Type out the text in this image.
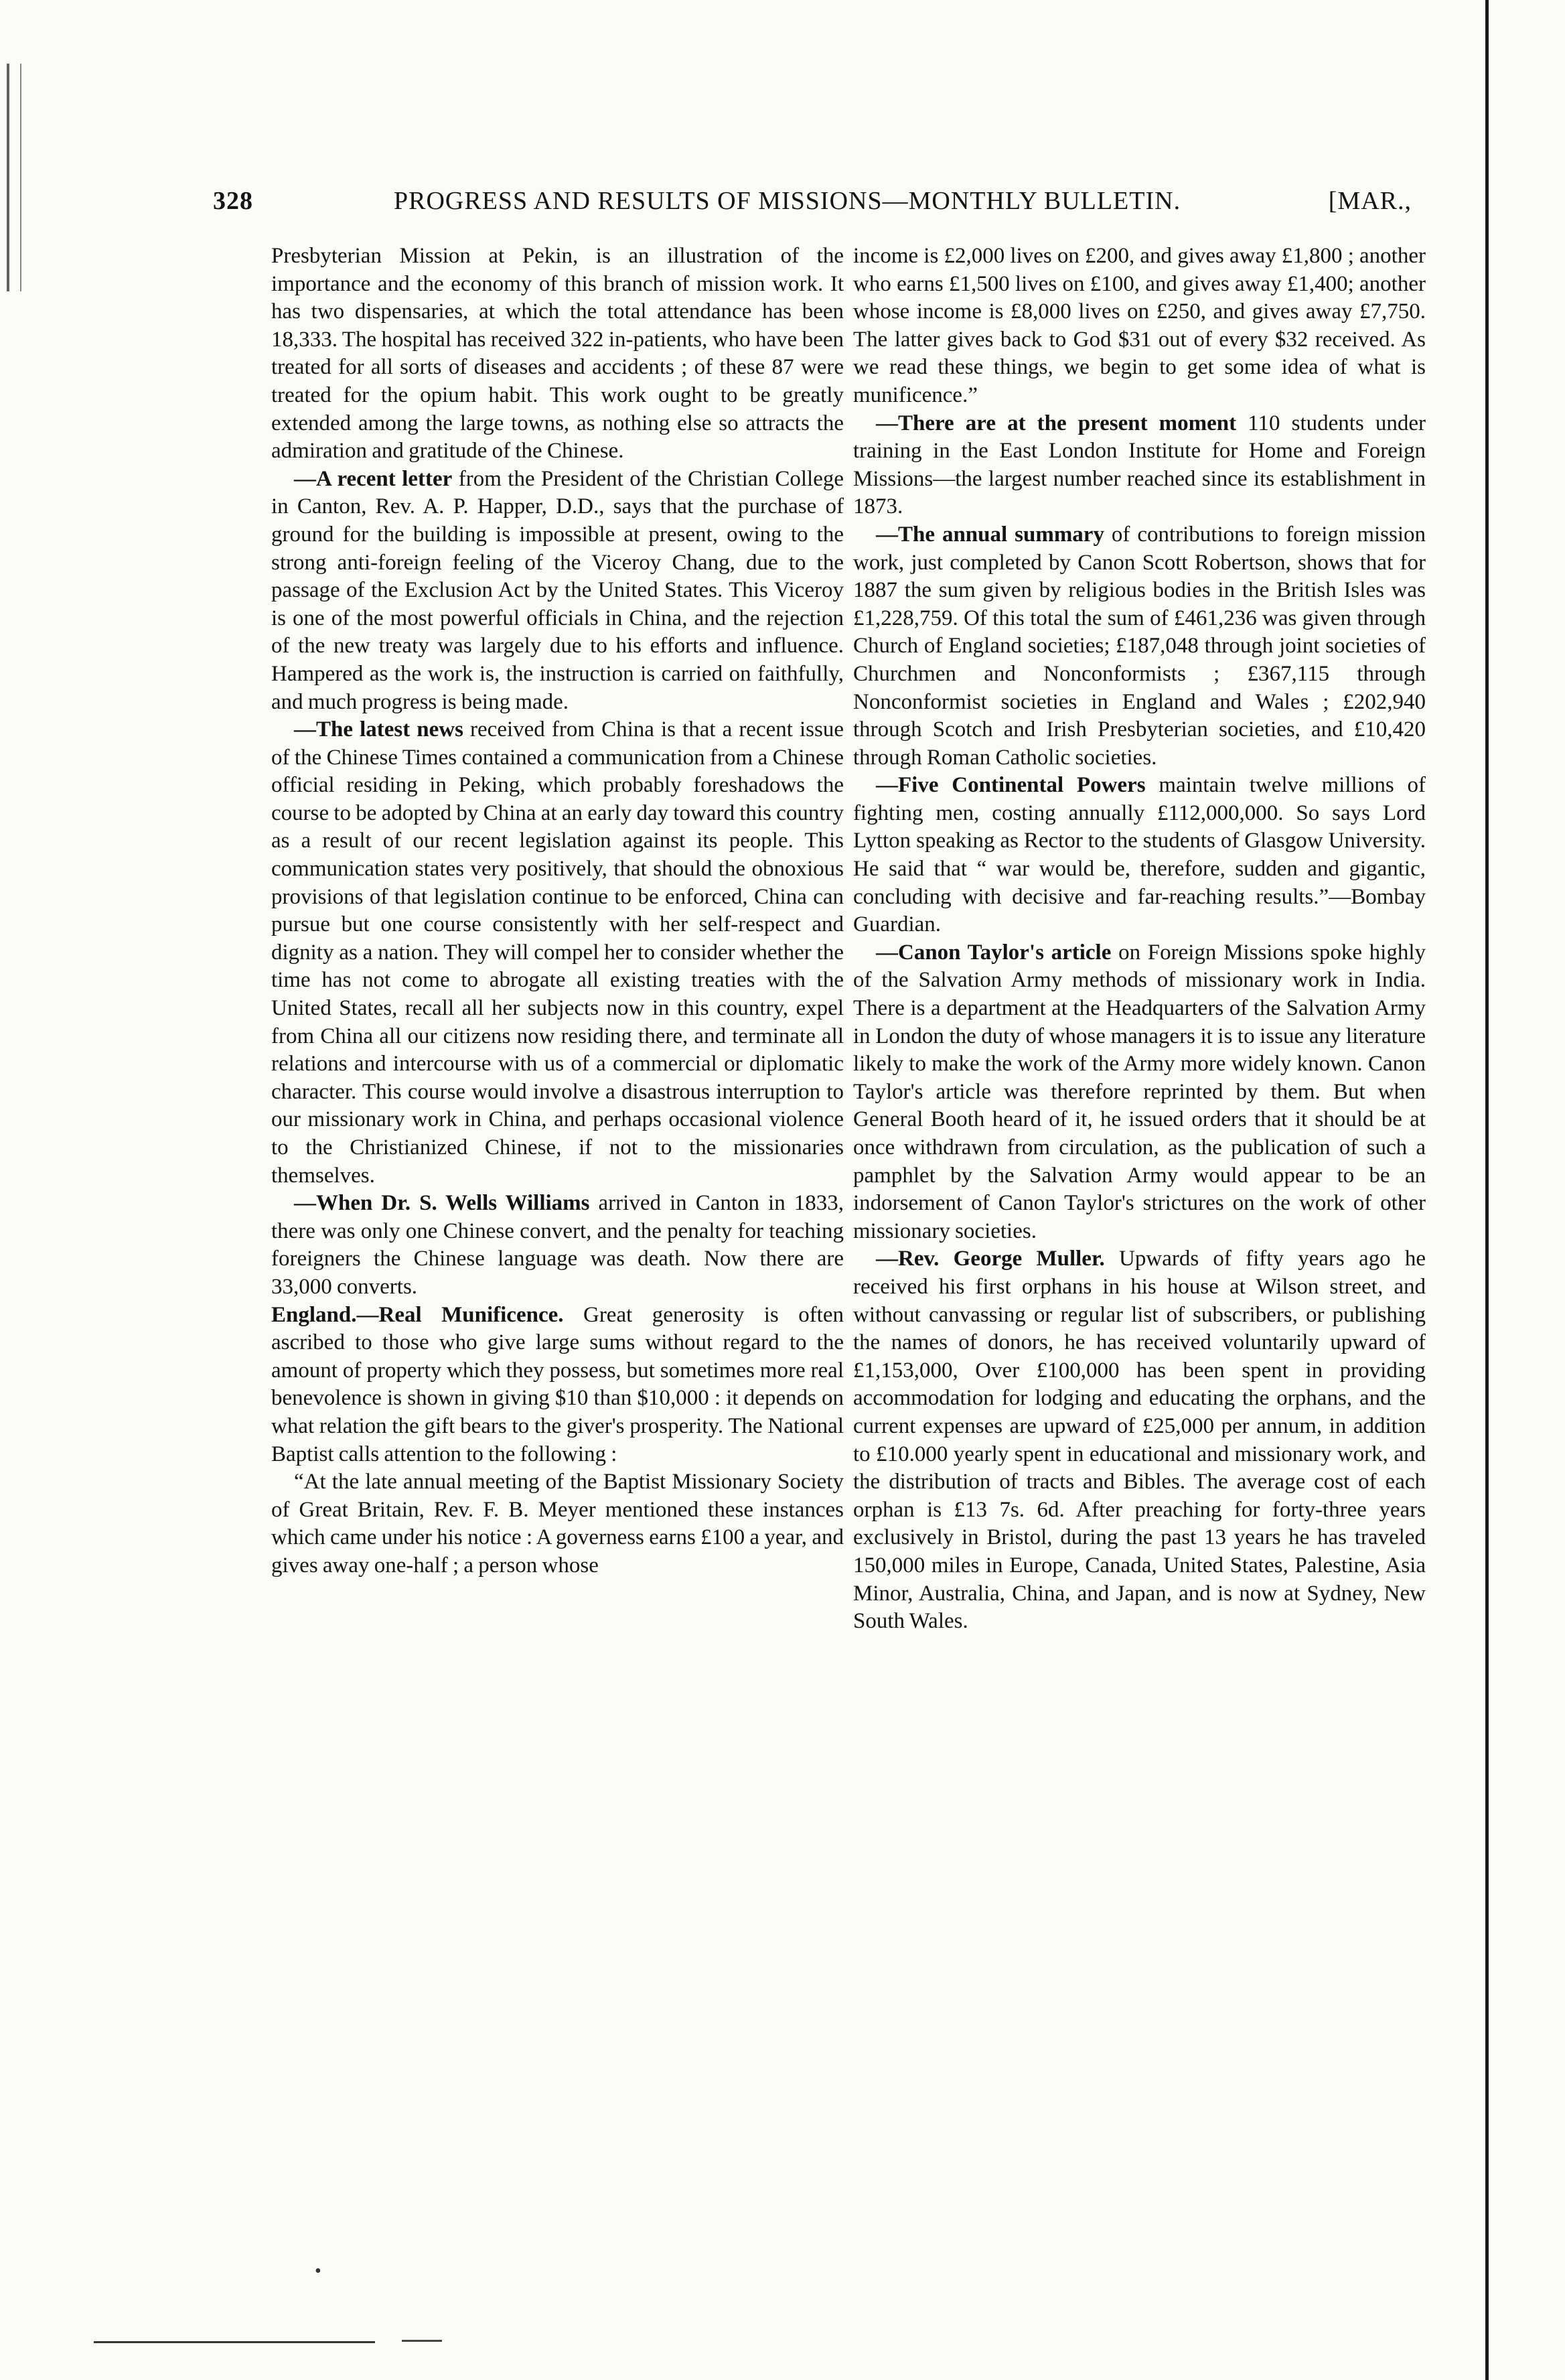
328	PROGRESS AND RESULTS OF MISSIONS—MONTHLY BULLETIN.	[MAR.,

Presbyterian Mission at Pekin, is an illustration of the importance and the economy of this branch of mission work. It has two dispensaries, at which the total attendance has been 18,333. The hospital has received 322 in-patients, who have been treated for all sorts of diseases and accidents ; of these 87 were treated for the opium habit. This work ought to be greatly extended among the large towns, as nothing else so attracts the admiration and gratitude of the Chinese.

—A recent letter from the President of the Christian College in Canton, Rev. A. P. Happer, D.D., says that the purchase of ground for the building is impossible at present, owing to the strong anti-foreign feeling of the Viceroy Chang, due to the passage of the Exclusion Act by the United States. This Viceroy is one of the most powerful officials in China, and the rejection of the new treaty was largely due to his efforts and influence. Hampered as the work is, the instruction is carried on faithfully, and much progress is being made.

—The latest news received from China is that a recent issue of the Chinese Times contained a communication from a Chinese official residing in Peking, which probably foreshadows the course to be adopted by China at an early day toward this country as a result of our recent legislation against its people. This communication states very positively, that should the obnoxious provisions of that legislation continue to be enforced, China can pursue but one course consistently with her self-respect and dignity as a nation. They will compel her to consider whether the time has not come to abrogate all existing treaties with the United States, recall all her subjects now in this country, expel from China all our citizens now residing there, and terminate all relations and intercourse with us of a commercial or diplomatic character. This course would involve a disastrous interruption to our missionary work in China, and perhaps occasional violence to the Christianized Chinese, if not to the missionaries themselves.

—When Dr. S. Wells Williams arrived in Canton in 1833, there was only one Chinese convert, and the penalty for teaching foreigners the Chinese language was death. Now there are 33,000 converts.

England.—Real Munificence. Great generosity is often ascribed to those who give large sums without regard to the amount of property which they possess, but sometimes more real benevolence is shown in giving $10 than $10,000 : it depends on what relation the gift bears to the giver's prosperity. The National Baptist calls attention to the following :

“At the late annual meeting of the Baptist Missionary Society of Great Britain, Rev. F. B. Meyer mentioned these instances which came under his notice : A governess earns £100 a year, and gives away one-half ; a person whose

income is £2,000 lives on £200, and gives away £1,800 ; another who earns £1,500 lives on £100, and gives away £1,400; another whose income is £8,000 lives on £250, and gives away £7,750. The latter gives back to God $31 out of every $32 received. As we read these things, we begin to get some idea of what is munificence.”

—There are at the present moment 110 students under training in the East London Institute for Home and Foreign Missions—the largest number reached since its establishment in 1873.

—The annual summary of contributions to foreign mission work, just completed by Canon Scott Robertson, shows that for 1887 the sum given by religious bodies in the British Isles was £1,228,759. Of this total the sum of £461,236 was given through Church of England societies; £187,048 through joint societies of Churchmen and Nonconformists ; £367,115 through Nonconformist societies in England and Wales ; £202,940 through Scotch and Irish Presbyterian societies, and £10,420 through Roman Catholic societies.

—Five Continental Powers maintain twelve millions of fighting men, costing annually £112,000,000. So says Lord Lytton speaking as Rector to the students of Glasgow University. He said that “ war would be, therefore, sudden and gigantic, concluding with decisive and far-reaching results.”—Bombay Guardian.

—Canon Taylor's article on Foreign Missions spoke highly of the Salvation Army methods of missionary work in India. There is a department at the Headquarters of the Salvation Army in London the duty of whose managers it is to issue any literature likely to make the work of the Army more widely known. Canon Taylor's article was therefore reprinted by them. But when General Booth heard of it, he issued orders that it should be at once withdrawn from circulation, as the publication of such a pamphlet by the Salvation Army would appear to be an indorsement of Canon Taylor's strictures on the work of other missionary societies.

—Rev. George Muller. Upwards of fifty years ago he received his first orphans in his house at Wilson street, and without canvassing or regular list of subscribers, or publishing the names of donors, he has received voluntarily upward of £1,153,000, Over £100,000 has been spent in providing accommodation for lodging and educating the orphans, and the current expenses are upward of £25,000 per annum, in addition to £10.000 yearly spent in educational and missionary work, and the distribution of tracts and Bibles. The average cost of each orphan is £13 7s. 6d. After preaching for forty-three years exclusively in Bristol, during the past 13 years he has traveled 150,000 miles in Europe, Canada, United States, Palestine, Asia Minor, Australia, China, and Japan, and is now at Sydney, New South Wales.

•
